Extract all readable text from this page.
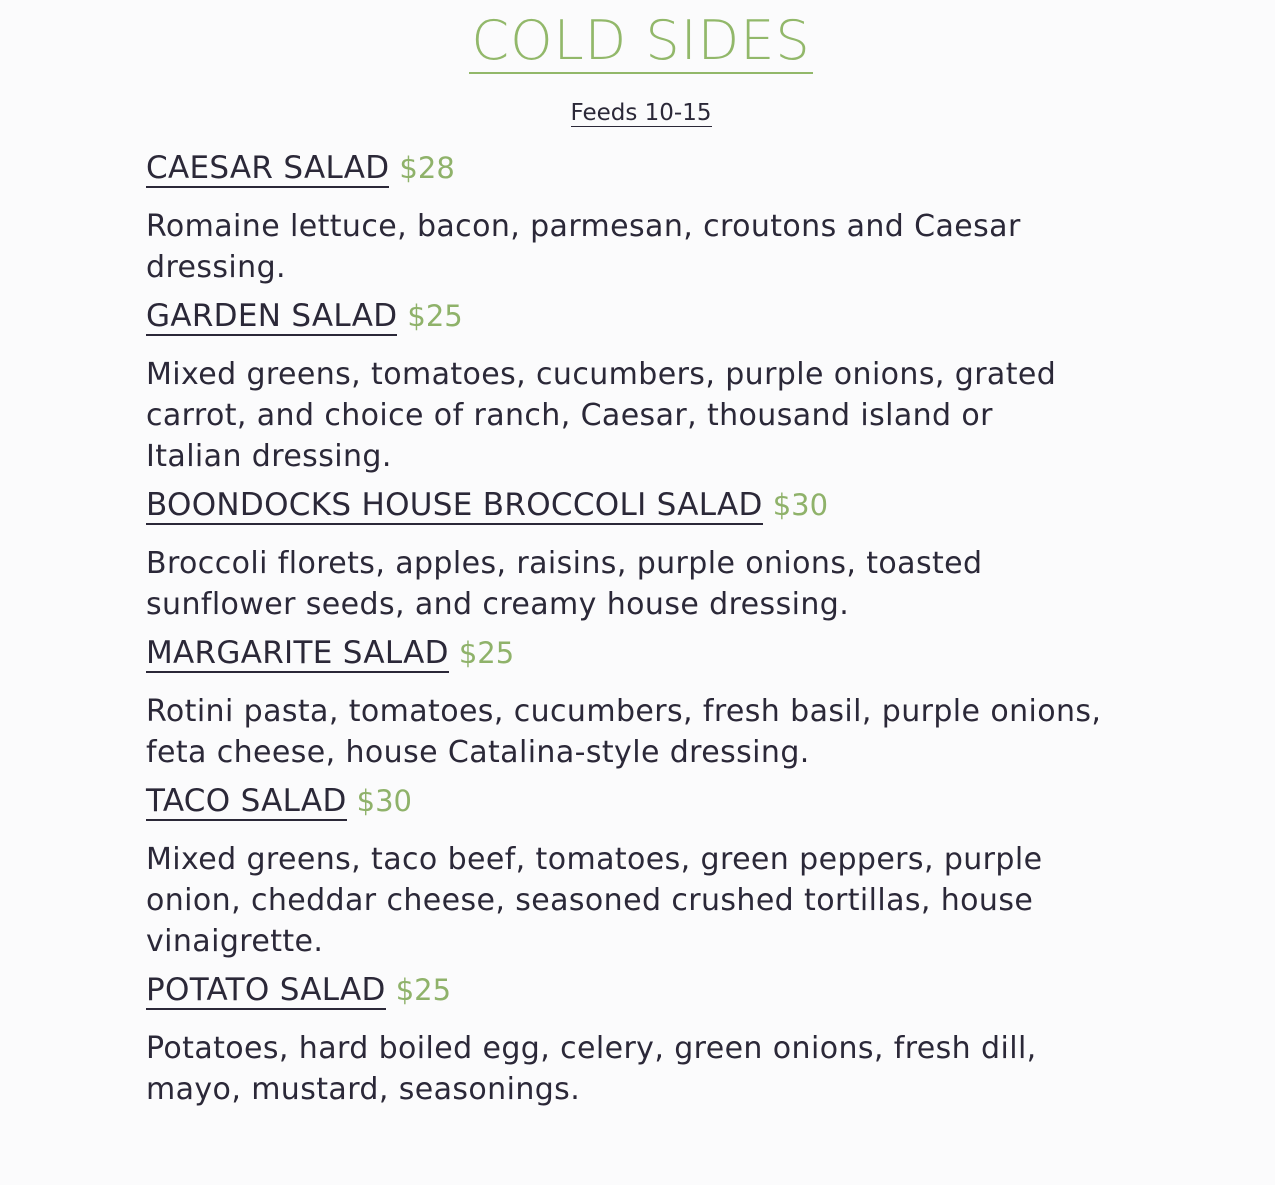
COLD SIDES
Feeds 10-15
CAESAR SALAD $28
Romaine lettuce, bacon, parmesan, croutons and Caesar dressing.
GARDEN SALAD $25
Mixed greens, tomatoes, cucumbers, purple onions, grated carrot, and choice of ranch, Caesar, thousand island or Italian dressing.
BOONDOCKS HOUSE BROCCOLI SALAD $30
Broccoli florets, apples, raisins, purple onions, toasted sunflower seeds, and creamy house dressing.
MARGARITE SALAD $25
Rotini pasta, tomatoes, cucumbers, fresh basil, purple onions, feta cheese, house Catalina-style dressing.
TACO SALAD $30
Mixed greens, taco beef, tomatoes, green peppers, purple onion, cheddar cheese, seasoned crushed tortillas, house vinaigrette.
POTATO SALAD $25
Potatoes, hard boiled egg, celery, green onions, fresh dill, mayo, mustard, seasonings.
